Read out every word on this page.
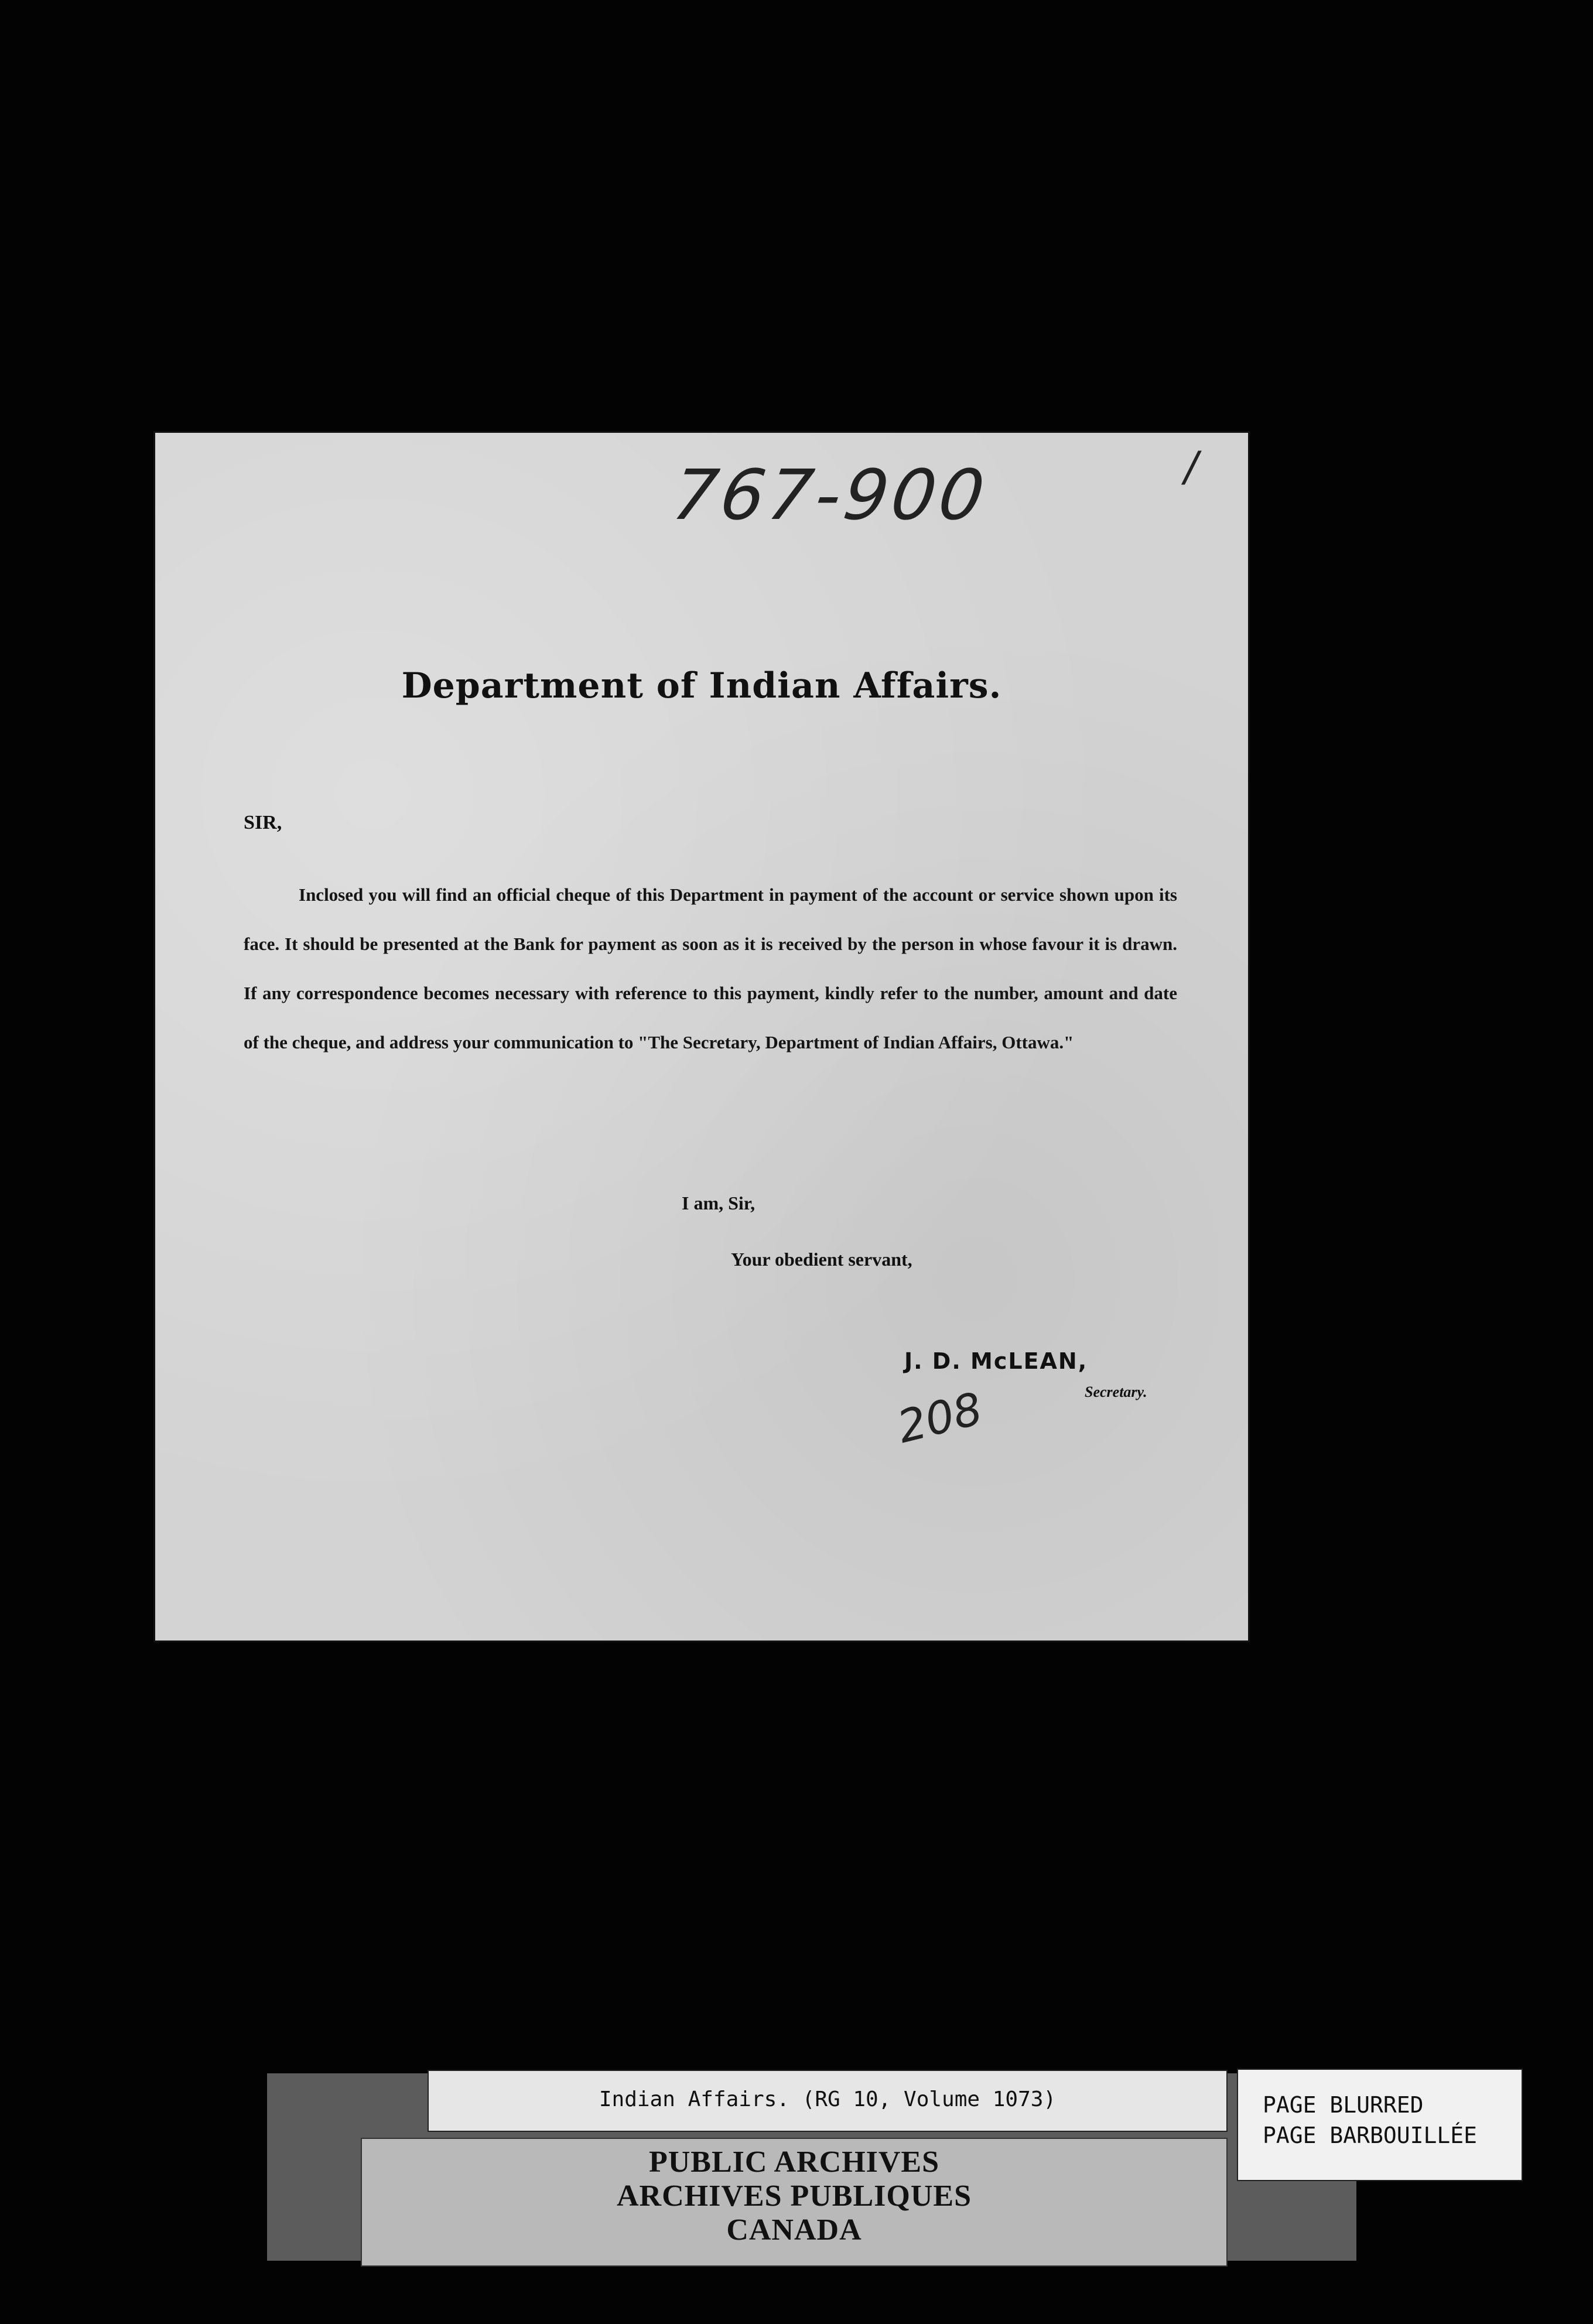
767-900	/
Department of Indian Affairs.
SIR,

Inclosed you will find an official cheque of this Department in payment of the account or service shown upon its face. It should be presented at the Bank for payment as soon as it is received by the person in whose favour it is drawn. If any correspondence becomes necessary with reference to this payment, kindly refer to the number, amount and date of the cheque, and address your communication to "The Secretary, Department of Indian Affairs, Ottawa."

I am, Sir,
Your obedient servant,
J. D. McLEAN,
Secretary.
208
Indian Affairs. (RG 10, Volume 1073)
PUBLIC ARCHIVES
ARCHIVES PUBLIQUES
CANADA
PAGE BLURRED
PAGE BARBOUILLÉE
